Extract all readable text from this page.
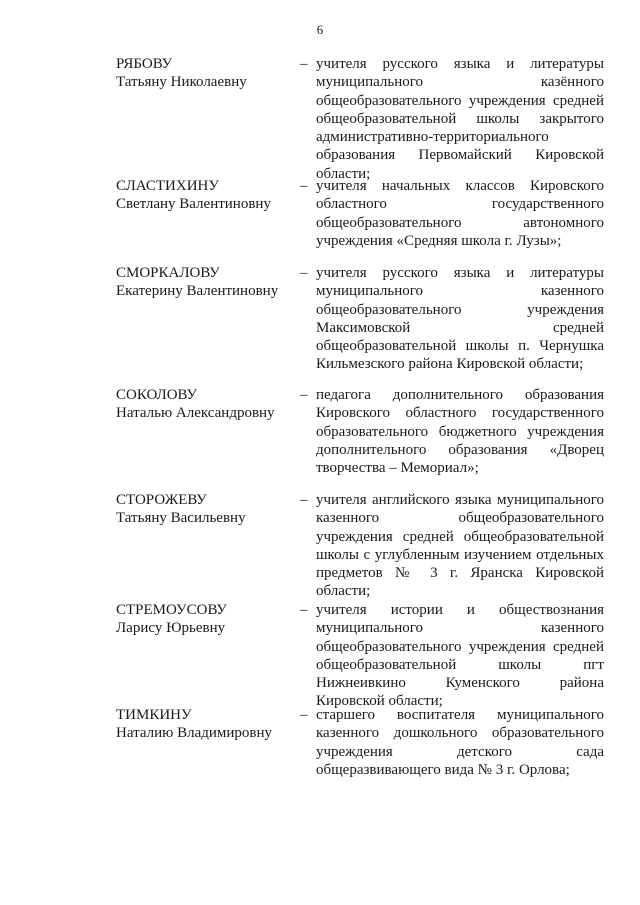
6
РЯБОВУ
Татьяну Николаевну
– учителя русского языка и литературы муниципального казённого общеобразовательного учреждения средней общеобразовательной школы закрытого административно-территориального образования Первомайский Кировской области;
СЛАСТИХИНУ
Светлану Валентиновну
– учителя начальных классов Кировского областного государственного общеобразовательного автономного учреждения «Средняя школа г. Лузы»;
СМОРКАЛОВУ
Екатерину Валентиновну
– учителя русского языка и литературы муниципального казенного общеобразовательного учреждения Максимовской средней общеобразовательной школы п. Чернушка Кильмезского района Кировской области;
СОКОЛОВУ
Наталью Александровну
– педагога дополнительного образования Кировского областного государственного образовательного бюджетного учреждения дополнительного образования «Дворец творчества – Мемориал»;
СТОРОЖЕВУ
Татьяну Васильевну
– учителя английского языка муниципального казенного общеобразовательного учреждения средней общеобразовательной школы с углубленным изучением отдельных предметов № 3 г. Яранска Кировской области;
СТРЕМОУСОВУ
Ларису Юрьевну
– учителя истории и обществознания муниципального казенного общеобразовательного учреждения средней общеобразовательной школы пгт Нижнеивкино Куменского района Кировской области;
ТИМКИНУ
Наталию Владимировну
– старшего воспитателя муниципального казенного дошкольного образовательного учреждения детского сада общеразвивающего вида № 3 г. Орлова;
